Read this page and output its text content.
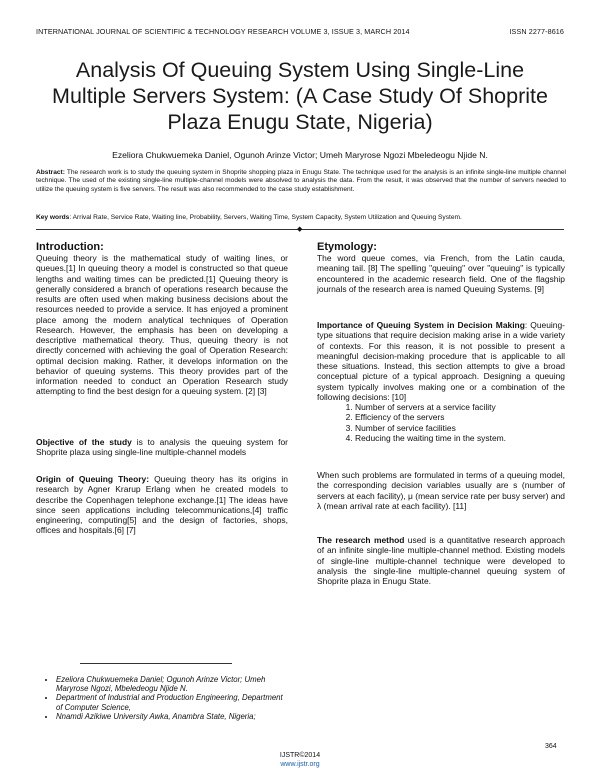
INTERNATIONAL JOURNAL OF SCIENTIFIC & TECHNOLOGY RESEARCH VOLUME 3, ISSUE 3, MARCH 2014	ISSN 2277-8616
Analysis Of Queuing System Using Single-Line Multiple Servers System: (A Case Study Of Shoprite Plaza Enugu State, Nigeria)
Ezeliora Chukwuemeka Daniel, Ogunoh Arinze Victor; Umeh Maryrose Ngozi Mbeledeogu Njide N.
Abstract: The research work is to study the queuing system in Shoprite shopping plaza in Enugu State. The technique used for the analysis is an infinite single-line multiple channel technique. The used of the existing single-line multiple-channel models were absolved to analysis the data. From the result, it was observed that the number of servers needed to utilize the queuing system is five servers. The result was also recommended to the case study establishment.
Key words: Arrival Rate, Service Rate, Waiting line, Probability, Servers, Waiting Time, System Capacity, System Utilization and Queuing System.
◆
Introduction:
Queuing theory is the mathematical study of waiting lines, or queues.[1] In queuing theory a model is constructed so that queue lengths and waiting times can be predicted.[1] Queuing theory is generally considered a branch of operations research because the results are often used when making business decisions about the resources needed to provide a service. It has enjoyed a prominent place among the modern analytical techniques of Operation Research. However, the emphasis has been on developing a descriptive mathematical theory. Thus, queuing theory is not directly concerned with achieving the goal of Operation Research: optimal decision making. Rather, it develops information on the behavior of queuing systems. This theory provides part of the information needed to conduct an Operation Research study attempting to find the best design for a queuing system. [2] [3]
Objective of the study is to analysis the queuing system for Shoprite plaza using single-line multiple-channel models
Origin of Queuing Theory: Queuing theory has its origins in research by Agner Krarup Erlang when he created models to describe the Copenhagen telephone exchange.[1] The ideas have since seen applications including telecommunications,[4] traffic engineering, computing[5] and the design of factories, shops, offices and hospitals.[6] [7]
Etymology:
The word queue comes, via French, from the Latin cauda, meaning tail. [8] The spelling "queuing" over "queuing" is typically encountered in the academic research field. One of the flagship journals of the research area is named Queuing Systems. [9]
Importance of Queuing System in Decision Making: Queuing-type situations that require decision making arise in a wide variety of contexts. For this reason, it is not possible to present a meaningful decision-making procedure that is applicable to all these situations. Instead, this section attempts to give a broad conceptual picture of a typical approach. Designing a queuing system typically involves making one or a combination of the following decisions: [10]
1. Number of servers at a service facility
2. Efficiency of the servers
3. Number of service facilities
4. Reducing the waiting time in the system.
When such problems are formulated in terms of a queuing model, the corresponding decision variables usually are s (number of servers at each facility), μ (mean service rate per busy server) and λ (mean arrival rate at each facility). [11]
The research method used is a quantitative research approach of an infinite single-line multiple-channel method. Existing models of single-line multiple-channel technique were developed to analysis the single-line multiple-channel queuing system of Shoprite plaza in Enugu State.
• Ezeliora Chukwuemeka Daniel; Ogunoh Arinze Victor; Umeh Maryrose Ngozi, Mbeledeogu Njide N.
• Department of Industrial and Production Engineering, Department of Computer Science,
• Nnamdi Azikiwe University Awka, Anambra State, Nigeria;
364
IJSTR©2014
www.ijstr.org
